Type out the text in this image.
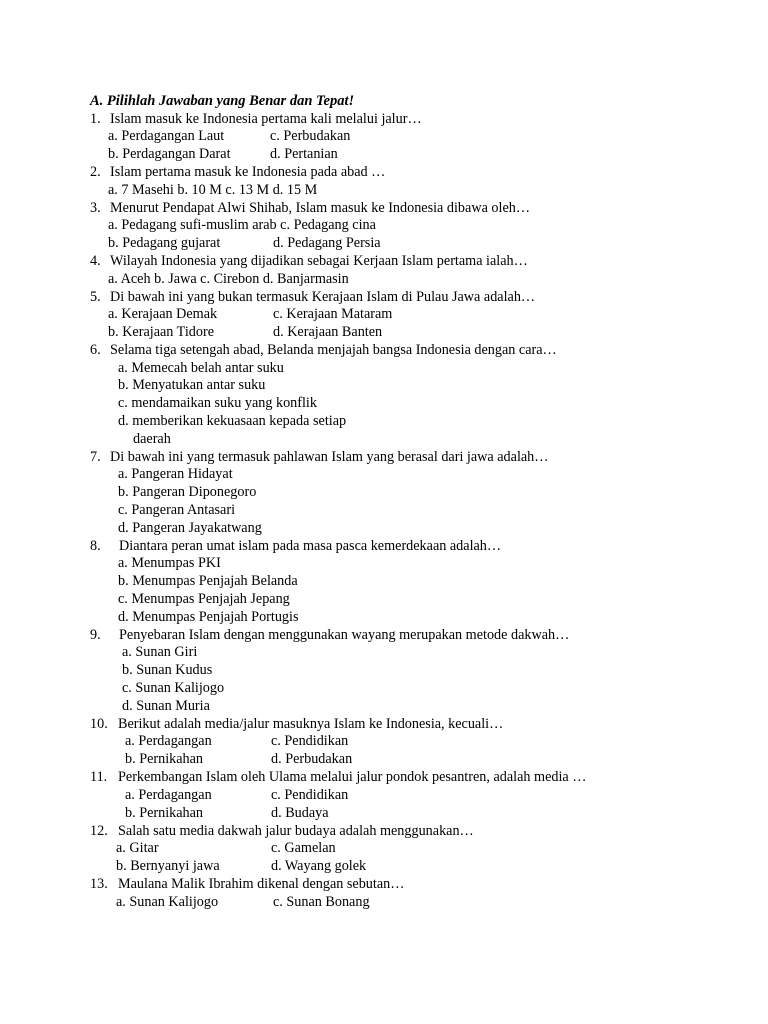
A. Pilihlah Jawaban yang Benar dan Tepat!
1. Islam masuk ke Indonesia pertama kali melalui jalur…
a. Perdagangan Laut	c. Perbudakan
b. Perdagangan Darat	d. Pertanian
2. Islam pertama masuk ke Indonesia pada abad …
a. 7 Masehi b. 10 M c. 13 M d. 15 M
3. Menurut Pendapat Alwi Shihab, Islam masuk ke Indonesia dibawa oleh…
a. Pedagang sufi-muslim arab c. Pedagang cina
b. Pedagang gujarat	d. Pedagang Persia
4. Wilayah Indonesia yang dijadikan sebagai Kerjaan Islam pertama ialah…
a. Aceh b. Jawa c. Cirebon d. Banjarmasin
5. Di bawah ini yang bukan termasuk Kerajaan Islam di Pulau Jawa adalah…
a. Kerajaan Demak	c. Kerajaan Mataram
b. Kerajaan Tidore	d. Kerajaan Banten
6. Selama tiga setengah abad, Belanda menjajah bangsa Indonesia dengan cara…
a. Memecah belah antar suku
b. Menyatukan antar suku
c. mendamaikan suku yang konflik
d. memberikan kekuasaan kepada setiap
daerah
7. Di bawah ini yang termasuk pahlawan Islam yang berasal dari jawa adalah…
a. Pangeran Hidayat
b. Pangeran Diponegoro
c. Pangeran Antasari
d. Pangeran Jayakatwang
8. Diantara peran umat islam pada masa pasca kemerdekaan adalah…
a. Menumpas PKI
b. Menumpas Penjajah Belanda
c. Menumpas Penjajah Jepang
d. Menumpas Penjajah Portugis
9. Penyebaran Islam dengan menggunakan wayang merupakan metode dakwah…
a. Sunan Giri
b. Sunan Kudus
c. Sunan Kalijogo
d. Sunan Muria
10. Berikut adalah media/jalur masuknya Islam ke Indonesia, kecuali…
a. Perdagangan	c. Pendidikan
b. Pernikahan	d. Perbudakan
11. Perkembangan Islam oleh Ulama melalui jalur pondok pesantren, adalah media …
a. Perdagangan	c. Pendidikan
b. Pernikahan	d. Budaya
12. Salah satu media dakwah jalur budaya adalah menggunakan…
a. Gitar	c. Gamelan
b. Bernyanyi jawa	d. Wayang golek
13. Maulana Malik Ibrahim dikenal dengan sebutan…
a. Sunan Kalijogo	c. Sunan Bonang
